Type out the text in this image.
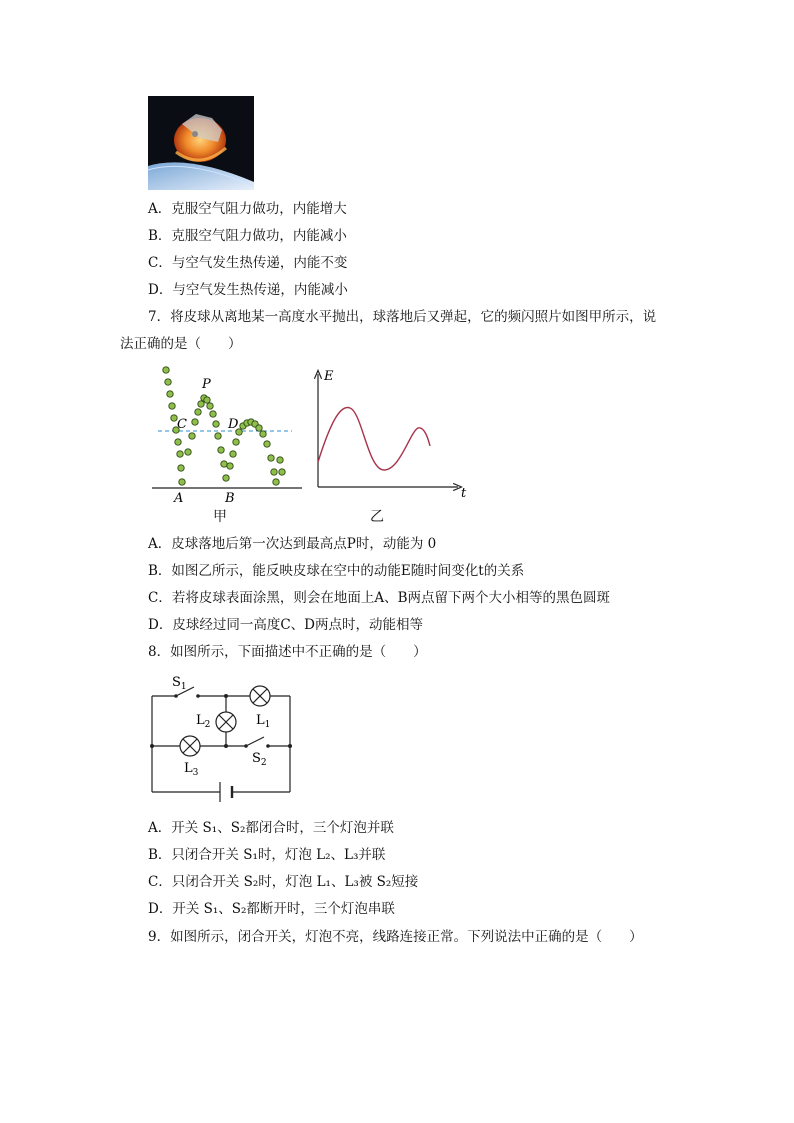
A．克服空气阻力做功，内能增大
B．克服空气阻力做功，内能减小
C．与空气发生热传递，内能不变
D．与空气发生热传递，内能减小
7．将皮球从离地某一高度水平抛出，球落地后又弹起，它的频闪照片如图甲所示，说
法正确的是（　　）
P
C	D
A	B
甲
E
t
乙
A．皮球落地后第一次达到最高点P时，动能为 0
B．如图乙所示，能反映皮球在空中的动能E随时间变化t的关系
C．若将皮球表面涂黑，则会在地面上A、B两点留下两个大小相等的黑色圆斑
D．皮球经过同一高度C、D两点时，动能相等
8．如图所示，下面描述中不正确的是（　　）
$S_1$
$L_1$
$L_2$
$L_3$
$S_2$
A．开关 S₁、S₂都闭合时，三个灯泡并联
B．只闭合开关 S₁时，灯泡 L₂、L₃并联
C．只闭合开关 S₂时，灯泡 L₁、L₃被 S₂短接
D．开关 S₁、S₂都断开时，三个灯泡串联
9．如图所示，闭合开关，灯泡不亮，线路连接正常。下列说法中正确的是（　　）
